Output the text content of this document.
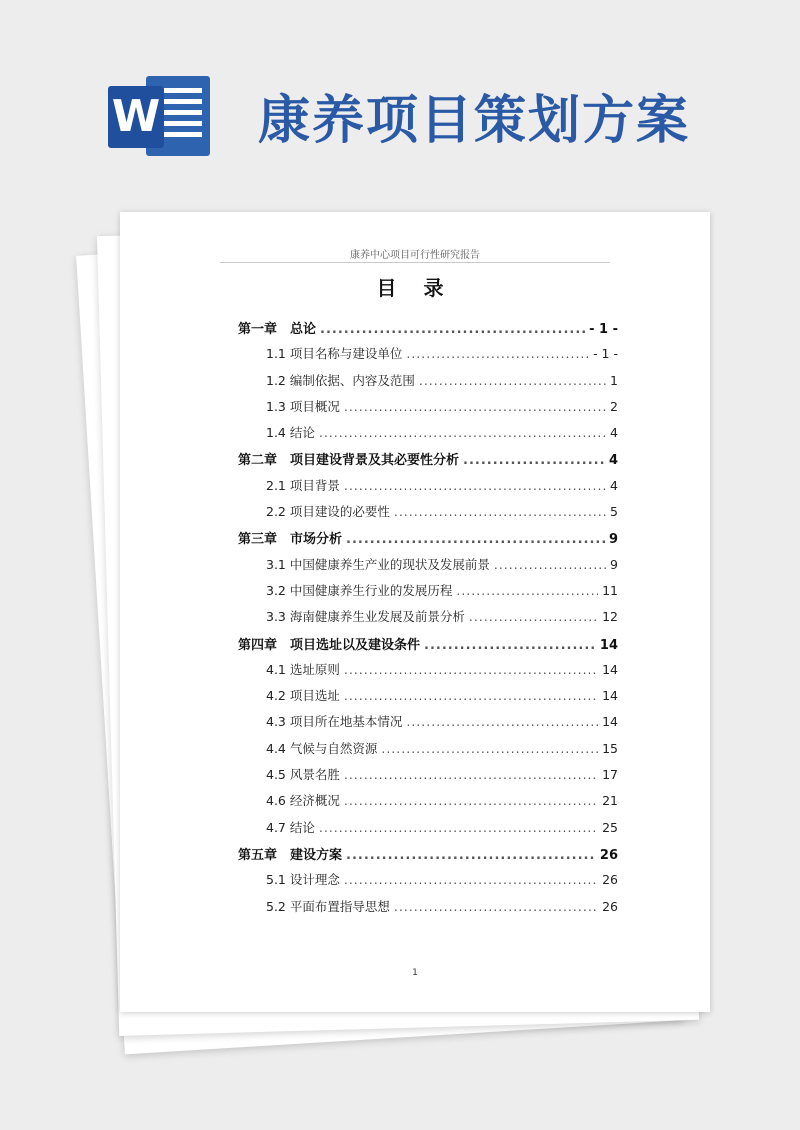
W 康养项目策划方案
康养中心项目可行性研究报告
目 录
第一章　总论 .....	- 1 -
1.1 项目名称与建设单位 .....	- 1 -
1.2 编制依据、内容及范围 .....	1
1.3 项目概况 .....	2
1.4 结论 .....	4
第二章　项目建设背景及其必要性分析 .....	4
2.1 项目背景 .....	4
2.2 项目建设的必要性 .....	5
第三章　市场分析 .....	9
3.1 中国健康养生产业的现状及发展前景 .....	9
3.2 中国健康养生行业的发展历程 .....	11
3.3 海南健康养生业发展及前景分析 .....	12
第四章　项目选址以及建设条件 .....	14
4.1 选址原则 .....	14
4.2 项目选址 .....	14
4.3 项目所在地基本情况 .....	14
4.4 气候与自然资源 .....	15
4.5 风景名胜 .....	17
4.6 经济概况 .....	21
4.7 结论 .....	25
第五章　建设方案 .....	26
5.1 设计理念 .....	26
5.2 平面布置指导思想 .....	26
1
